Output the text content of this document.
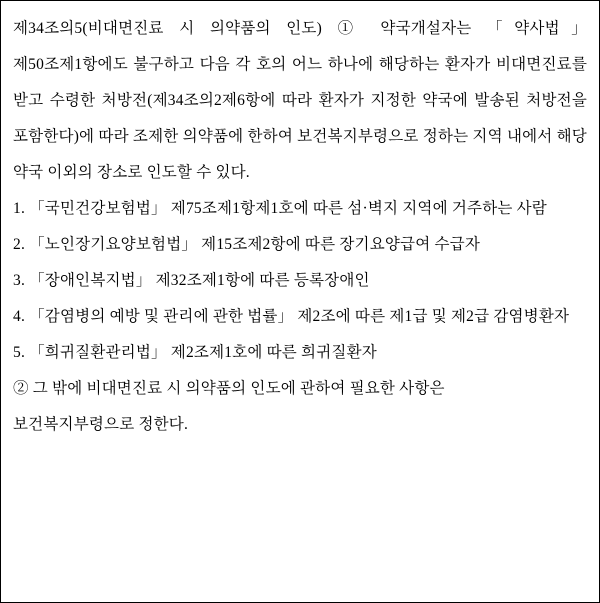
제34조의5(비대면진료 시 의약품의 인도) ① 약국개설자는 「약사법」 제50조제1항에도 불구하고 다음 각 호의 어느 하나에 해당하는 환자가 비대면진료를 받고 수령한 처방전(제34조의2제6항에 따라 환자가 지정한 약국에 발송된 처방전을 포함한다)에 따라 조제한 의약품에 한하여 보건복지부령으로 정하는 지역 내에서 해당 약국 이외의 장소로 인도할 수 있다.

1. 「국민건강보험법」 제75조제1항제1호에 따른 섬·벽지 지역에 거주하는 사람
2. 「노인장기요양보험법」 제15조제2항에 따른 장기요양급여 수급자
3. 「장애인복지법」 제32조제1항에 따른 등록장애인
4. 「감염병의 예방 및 관리에 관한 법률」 제2조에 따른 제1급 및 제2급 감염병환자
5. 「희귀질환관리법」 제2조제1호에 따른 희귀질환자

② 그 밖에 비대면진료 시 의약품의 인도에 관하여 필요한 사항은

보건복지부령으로 정한다.
